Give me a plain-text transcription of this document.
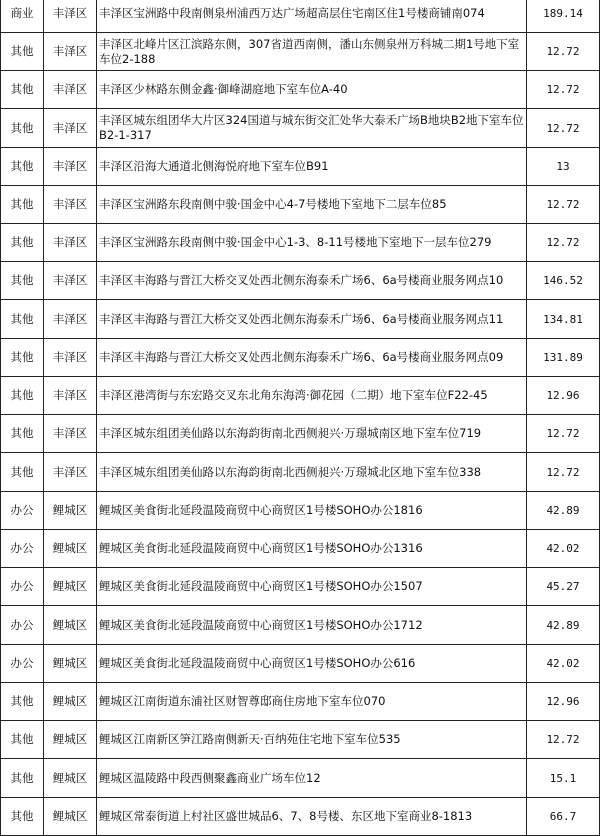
商业	丰泽区	丰泽区宝洲路中段南侧泉州浦西万达广场超高层住宅南区住1号楼商铺南074	189.14
其他	丰泽区	丰泽区北峰片区江滨路东侧，307省道西南侧，潘山东侧泉州万科城二期1号地下室车位2-188	12.72
其他	丰泽区	丰泽区少林路东侧金鑫·御峰湖庭地下室车位A-40	12.72
其他	丰泽区	丰泽区城东组团华大片区324国道与城东街交汇处华大泰禾广场B地块B2地下室车位B2-1-317	12.72
其他	丰泽区	丰泽区沿海大通道北侧海悦府地下室车位B91	13
其他	丰泽区	丰泽区宝洲路东段南侧中骏·国金中心4-7号楼地下室地下二层车位85	12.72
其他	丰泽区	丰泽区宝洲路东段南侧中骏·国金中心1-3、8-11号楼地下室地下一层车位279	12.72
其他	丰泽区	丰泽区丰海路与晋江大桥交叉处西北侧东海泰禾广场6、6a号楼商业服务网点10	146.52
其他	丰泽区	丰泽区丰海路与晋江大桥交叉处西北侧东海泰禾广场6、6a号楼商业服务网点11	134.81
其他	丰泽区	丰泽区丰海路与晋江大桥交叉处西北侧东海泰禾广场6、6a号楼商业服务网点09	131.89
其他	丰泽区	丰泽区港湾街与东宏路交叉东北角东海湾·御花园（二期）地下室车位F22-45	12.96
其他	丰泽区	丰泽区城东组团美仙路以东海韵街南北西侧昶兴·万璟城南区地下室车位719	12.72
其他	丰泽区	丰泽区城东组团美仙路以东海韵街南北西侧昶兴·万璟城北区地下室车位338	12.72
办公	鲤城区	鲤城区美食街北延段温陵商贸中心商贸区1号楼SOHO办公1816	42.89
办公	鲤城区	鲤城区美食街北延段温陵商贸中心商贸区1号楼SOHO办公1316	42.02
办公	鲤城区	鲤城区美食街北延段温陵商贸中心商贸区1号楼SOHO办公1507	45.27
办公	鲤城区	鲤城区美食街北延段温陵商贸中心商贸区1号楼SOHO办公1712	42.89
办公	鲤城区	鲤城区美食街北延段温陵商贸中心商贸区1号楼SOHO办公616	42.02
其他	鲤城区	鲤城区江南街道东浦社区财智尊邸商住房地下室车位070	12.96
其他	鲤城区	鲤城区江南新区笋江路南侧新天·百纳苑住宅地下室车位535	12.72
其他	鲤城区	鲤城区温陵路中段西侧聚鑫商业广场车位12	15.1
其他	鲤城区	鲤城区常泰街道上村社区盛世城品6、7、8号楼、东区地下室商业8-1813	66.7
